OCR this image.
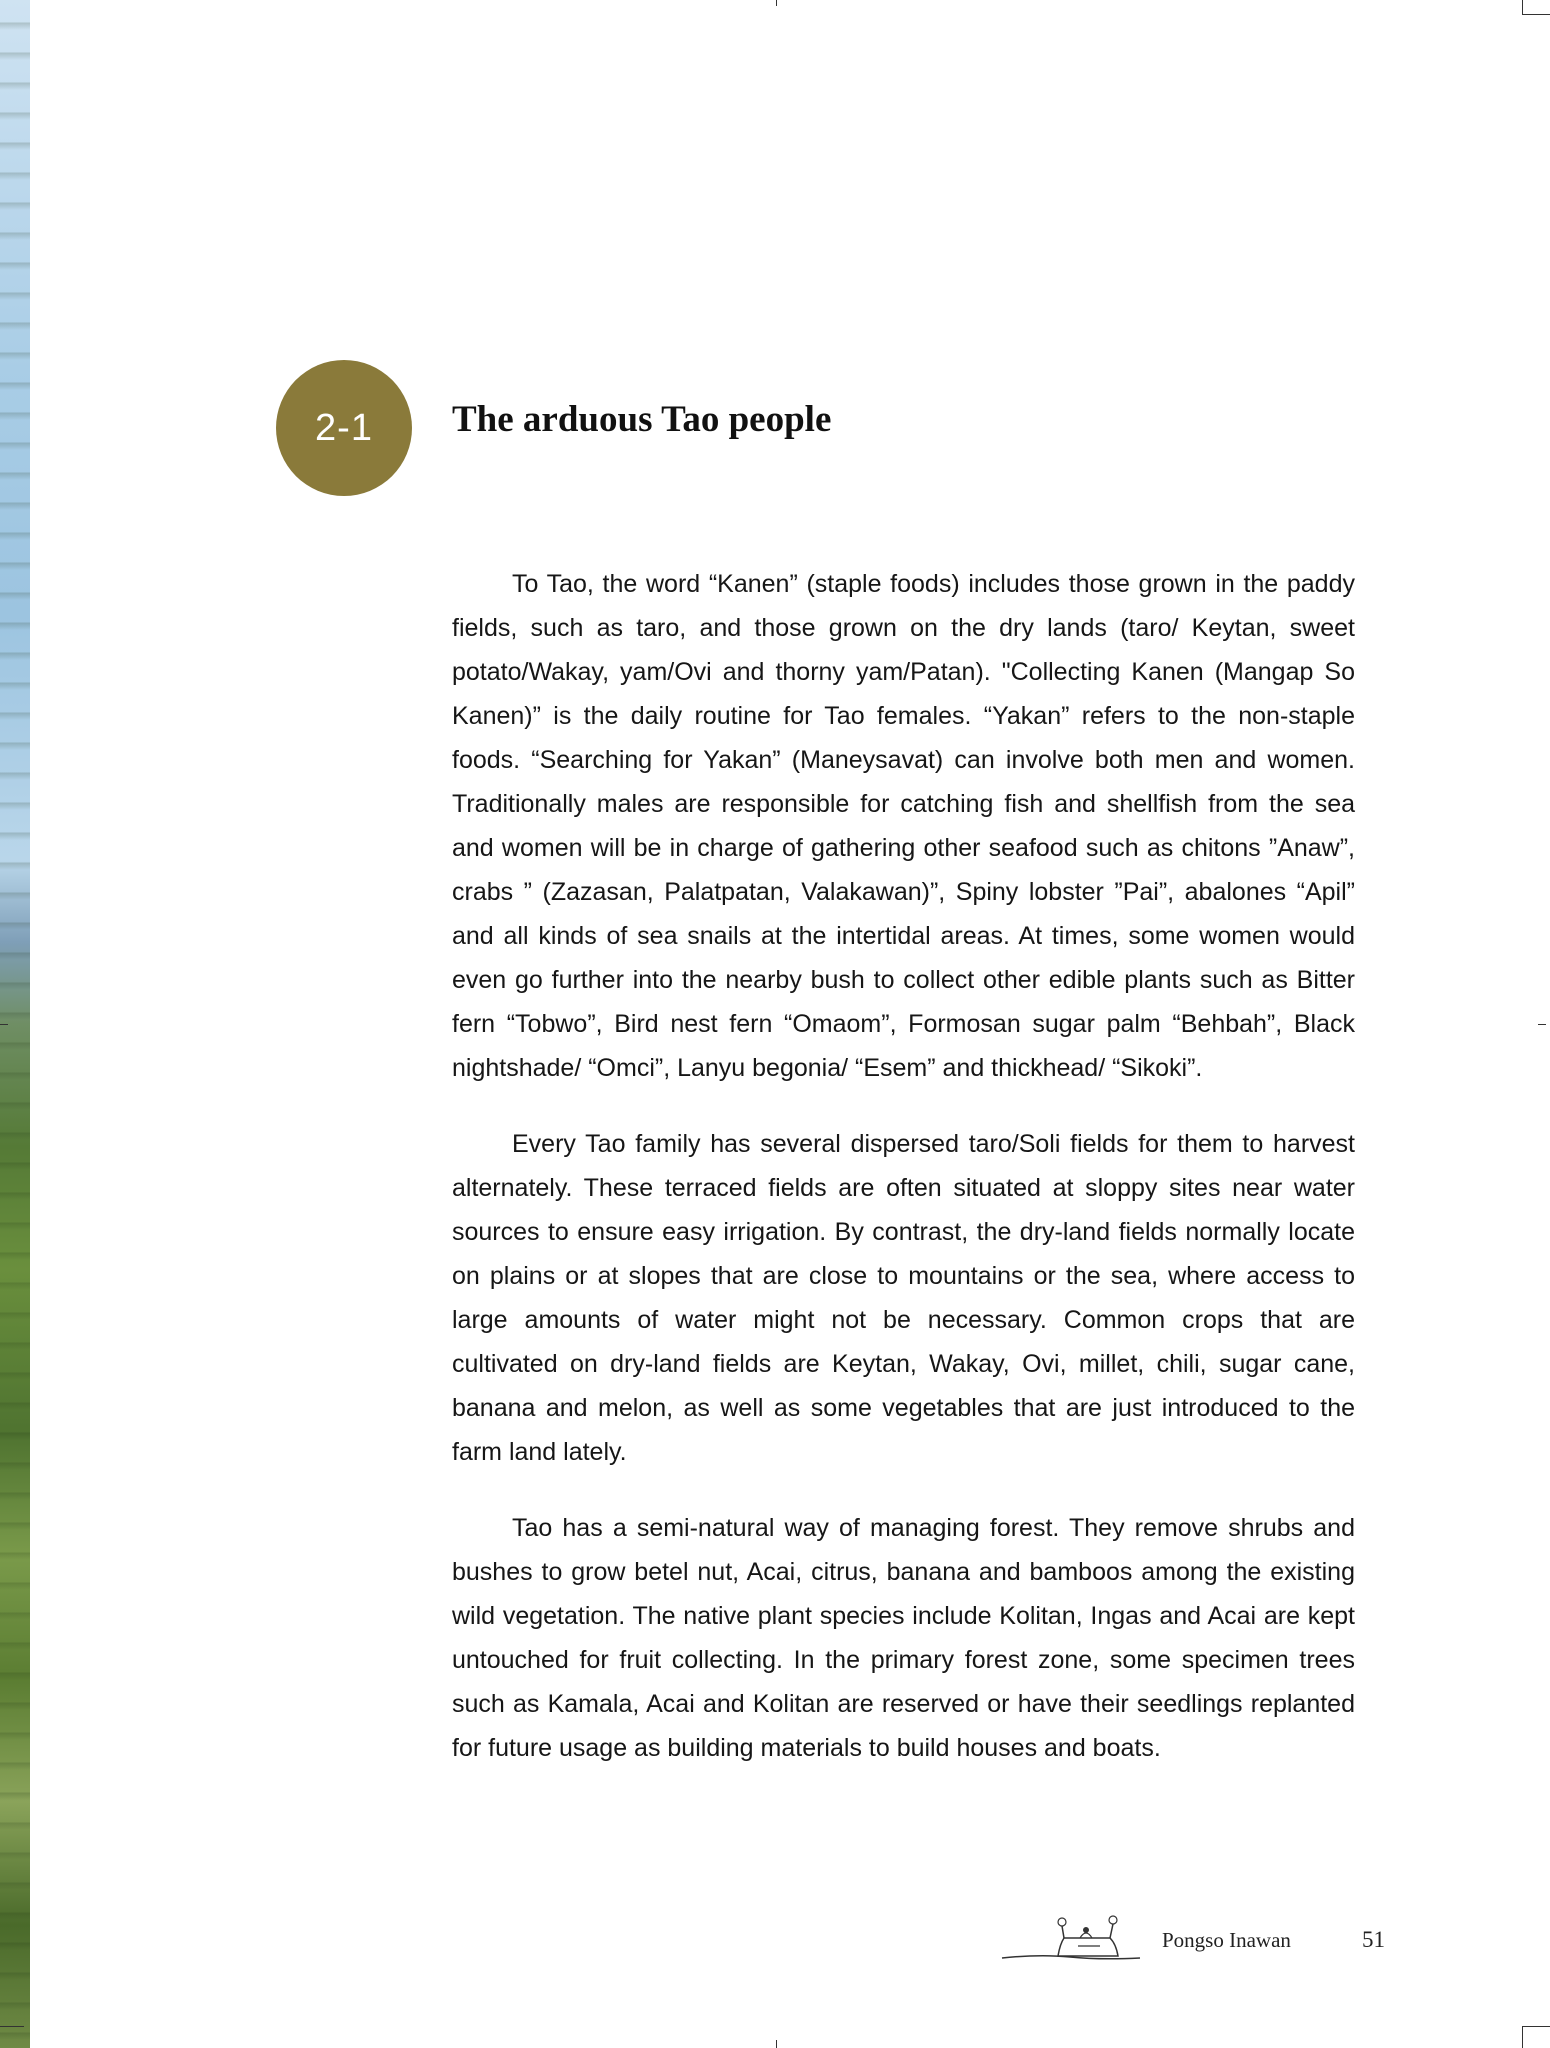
2-1 The arduous Tao people

To Tao, the word “Kanen” (staple foods) includes those grown in the paddy fields, such as taro, and those grown on the dry lands (taro/ Keytan, sweet potato/Wakay, yam/Ovi and thorny yam/Patan). "Collecting Kanen (Mangap So Kanen)” is the daily routine for Tao females. “Yakan” refers to the non-staple foods. “Searching for Yakan” (Maneysavat) can involve both men and women. Traditionally males are responsible for catching fish and shellfish from the sea and women will be in charge of gathering other seafood such as chitons ”Anaw”, crabs ” (Zazasan, Palatpatan, Valakawan)”, Spiny lobster ”Pai”, abalones “Apil” and all kinds of sea snails at the intertidal areas. At times, some women would even go further into the nearby bush to collect other edible plants such as Bitter fern “Tobwo”, Bird nest fern “Omaom”, Formosan sugar palm “Behbah”, Black nightshade/ “Omci”, Lanyu begonia/ “Esem” and thickhead/ “Sikoki”.

Every Tao family has several dispersed taro/Soli fields for them to harvest alternately. These terraced fields are often situated at sloppy sites near water sources to ensure easy irrigation. By contrast, the dry-land fields normally locate on plains or at slopes that are close to mountains or the sea, where access to large amounts of water might not be necessary. Common crops that are cultivated on dry-land fields are Keytan, Wakay, Ovi, millet, chili, sugar cane, banana and melon, as well as some vegetables that are just introduced to the farm land lately.

Tao has a semi-natural way of managing forest. They remove shrubs and bushes to grow betel nut, Acai, citrus, banana and bamboos among the existing wild vegetation. The native plant species include Kolitan, Ingas and Acai are kept untouched for fruit collecting. In the primary forest zone, some specimen trees such as Kamala, Acai and Kolitan are reserved or have their seedlings replanted for future usage as building materials to build houses and boats.

Pongso Inawan	51
